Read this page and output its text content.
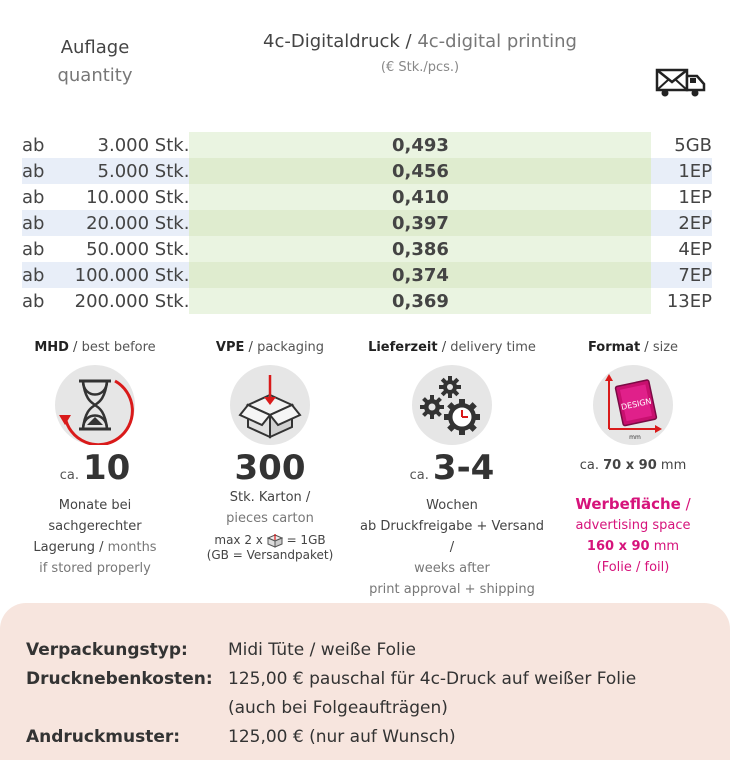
Auflage
quantity
4c-Digitaldruck / 4c-digital printing
(€ Stk./pcs.)
ab	3.000 Stk.	0,493	5GB
ab	5.000 Stk.	0,456	1EP
ab	10.000 Stk.	0,410	1EP
ab	20.000 Stk.	0,397	2EP
ab	50.000 Stk.	0,386	4EP
ab	100.000 Stk.	0,374	7EP
ab	200.000 Stk.	0,369	13EP
MHD / best before
ca. 10
Monate bei
sachgerechter
Lagerung / months
if stored properly
VPE / packaging
300
Stk. Karton /
pieces carton
max 2 x = 1GB
(GB = Versandpaket)
Lieferzeit / delivery time
ca. 3-4
Wochen
ab Druckfreigabe + Versand /
weeks after
print approval + shipping
Format / size
DESIGN
mm
ca. 70 x 90 mm
Werbefläche /
advertising space
160 x 90 mm
(Folie / foil)
Verpackungstyp:	Midi Tüte / weiße Folie
Drucknebenkosten: 125,00 € pauschal für 4c-Druck auf weißer Folie
(auch bei Folgeaufträgen)
Andruckmuster:	125,00 € (nur auf Wunsch)
